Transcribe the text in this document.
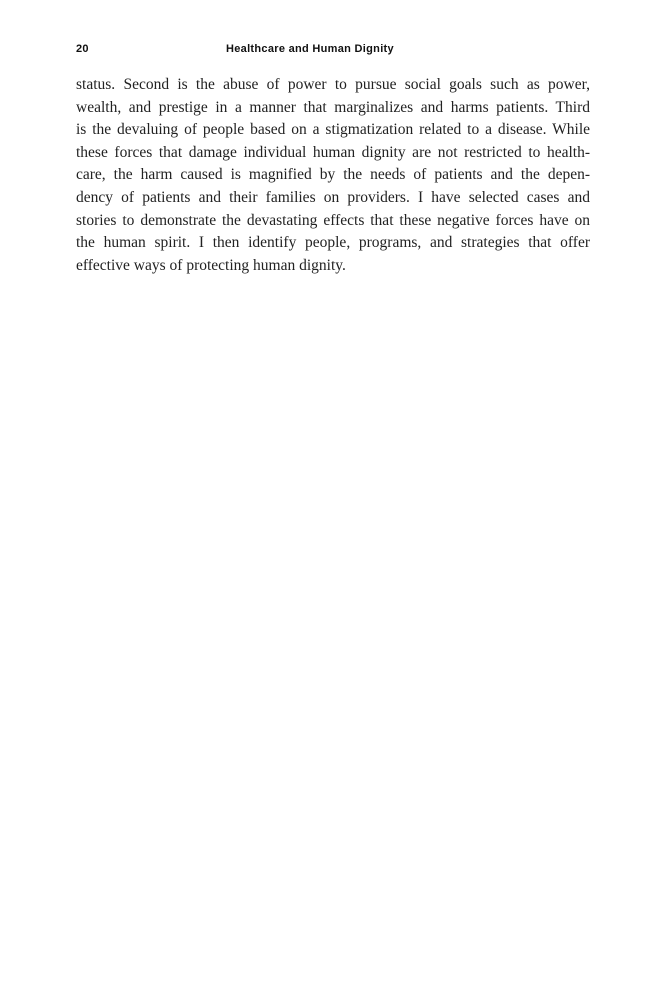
20	Healthcare and Human Dignity
status. Second is the abuse of power to pursue social goals such as power,
wealth, and prestige in a manner that marginalizes and harms patients. Third
is the devaluing of people based on a stigmatization related to a disease. While
these forces that damage individual human dignity are not restricted to health-
care, the harm caused is magnified by the needs of patients and the depen-
dency of patients and their families on providers. I have selected cases and
stories to demonstrate the devastating effects that these negative forces have on
the human spirit. I then identify people, programs, and strategies that offer
effective ways of protecting human dignity.
